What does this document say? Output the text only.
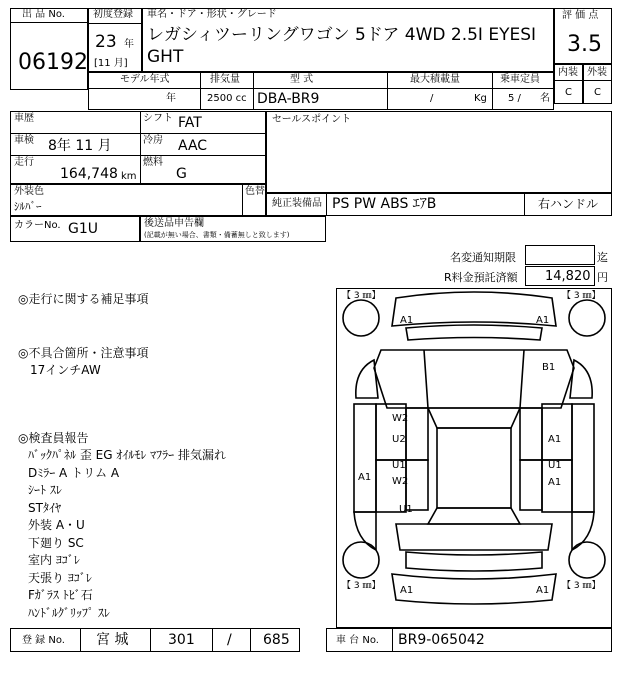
出 品 No.
06192
初度登録
23 年
[11 月]
車名・ドア・形状・グレード
レガシィツーリングワゴン 5ドア 4WD 2.5I EYESIGHT
評 価 点
3.5
内装 外装
C C
モデル年式
年
排気量
2500 cc
型 式
DBA-BR9
最大積載量
/	Kg
乗車定員
5 / 名
車歴	シフト FAT
車検 8年 11 月	冷房 AAC
走行
164,748 km
燃料
G
セールスポイント
外装色
ｼﾙﾊﾞｰ
色替
純正装備品 PS PW ABS ｴｱB	右ハンドル
カラーNo. G1U	後送品申告欄
(記載が無い場合、書類・備蓄無しと致します)
名変通知期限	迄
R料金預託済額 14,820 円
◎走行に関する補足事項
◎不具合箇所・注意事項
17インチAW
◎検査員報告
ﾊﾞｯｸﾊﾟﾈﾙ 歪 EG ｵｲﾙﾓﾚ ﾏﾌﾗｰ 排気漏れ
Dﾐﾗｰ A トリム A
ｼｰﾄ ｽﾚ
STﾀｲﾔ
外装 A・U
下廻り SC
室内 ﾖｺﾞﾚ
天張り ﾖｺﾞﾚ
Fｶﾞﾗｽ ﾄﾋﾞ石
ﾊﾝﾄﾞﾙｸﾞﾘｯﾌﾟ ｽﾚ
【 3 ㎜】	【 3 ㎜】
【 3 ㎜】	【 3 ㎜】
A1	A1
B1
W2
U2	A1
U1	U1
A1 W2	A1
U1
A1	A1
登 録 No. 宮 城	301 / 685	車 台 No. BR9-065042
